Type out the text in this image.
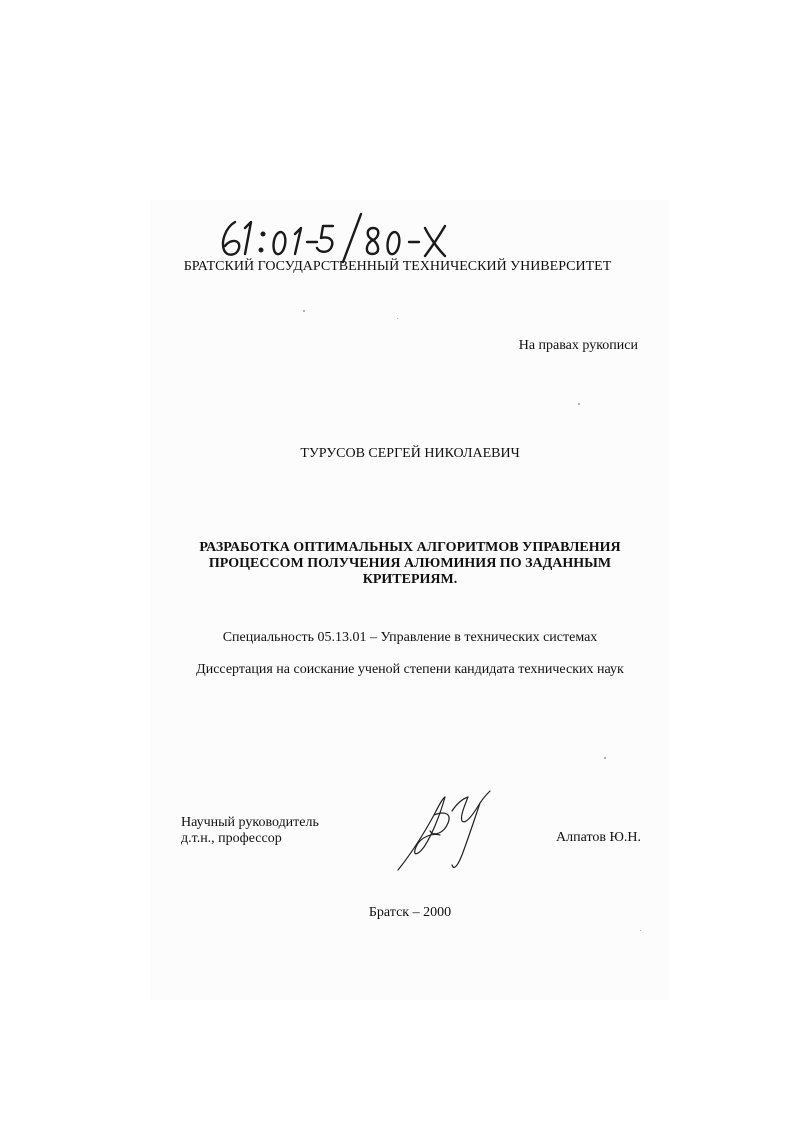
БРАТСКИЙ ГОСУДАРСТВЕННЫЙ ТЕХНИЧЕСКИЙ УНИВЕРСИТЕТ
На правах рукописи
ТУРУСОВ СЕРГЕЙ НИКОЛАЕВИЧ
РАЗРАБОТКА ОПТИМАЛЬНЫХ АЛГОРИТМОВ УПРАВЛЕНИЯ
ПРОЦЕССОМ ПОЛУЧЕНИЯ АЛЮМИНИЯ ПО ЗАДАННЫМ
КРИТЕРИЯМ.
Специальность 05.13.01 – Управление в технических системах
Диссертация на соискание ученой степени кандидата технических наук
Научный руководитель
д.т.н., профессор	Алпатов Ю.Н.
Братск – 2000
